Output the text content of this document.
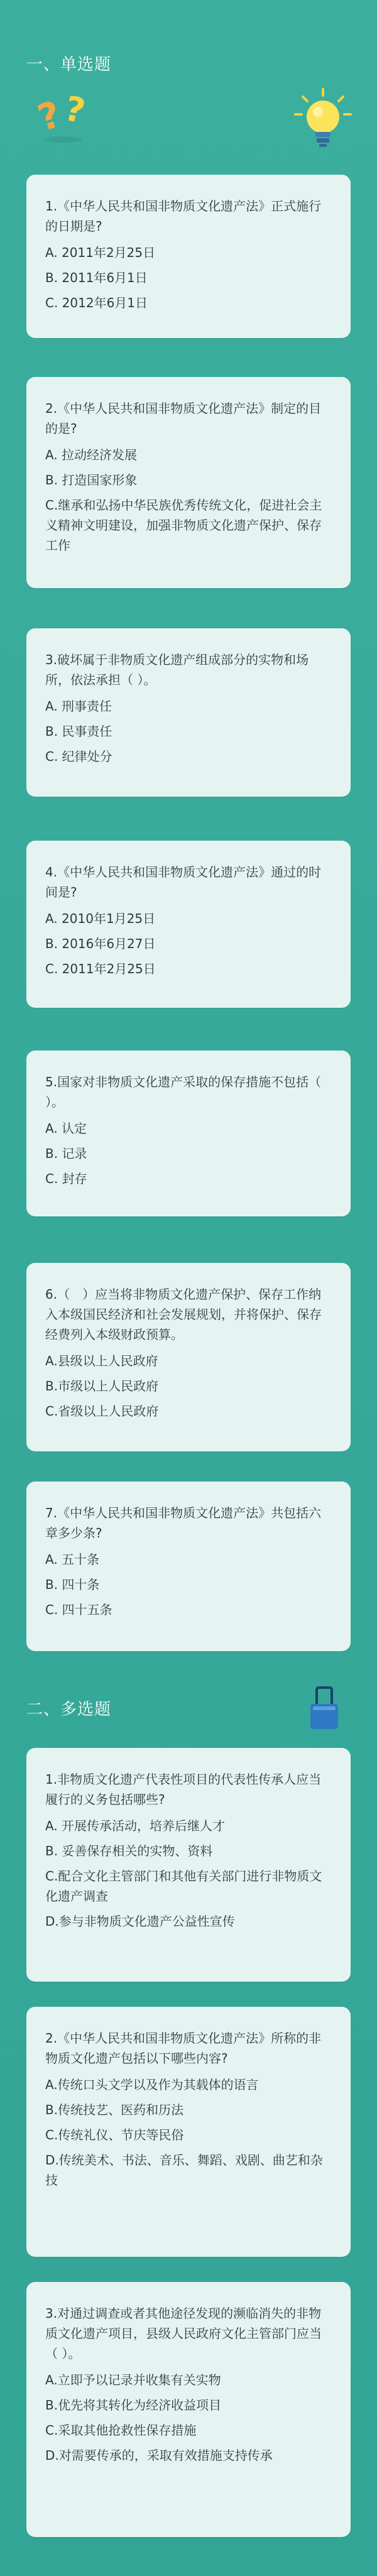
一、单选题
?
?

1.《中华人民共和国非物质文化遗产法》正式施行的日期是?

A. 2011年2月25日

B. 2011年6月1日

C. 2012年6月1日

2.《中华人民共和国非物质文化遗产法》制定的目的是?

A. 拉动经济发展

B. 打造国家形象

C.继承和弘扬中华民族优秀传统文化，促进社会主义精神文明建设，加强非物质文化遗产保护、保存工作

3.破坏属于非物质文化遗产组成部分的实物和场所，依法承担（ ）。

A. 刑事责任

B. 民事责任

C. 纪律处分

4.《中华人民共和国非物质文化遗产法》通过的时间是?

A. 2010年1月25日

B. 2016年6月27日

C. 2011年2月25日

5.国家对非物质文化遗产采取的保存措施不包括（ ）。

A. 认定

B. 记录

C. 封存

6.（　）应当将非物质文化遗产保护、保存工作纳入本级国民经济和社会发展规划，并将保护、保存经费列入本级财政预算。

A.县级以上人民政府

B.市级以上人民政府

C.省级以上人民政府

7.《中华人民共和国非物质文化遗产法》共包括六章多少条?

A. 五十条

B. 四十条

C. 四十五条

二、多选题

1.非物质文化遗产代表性项目的代表性传承人应当履行的义务包括哪些?

A. 开展传承活动，培养后继人才

B. 妥善保存相关的实物、资料

C.配合文化主管部门和其他有关部门进行非物质文化遗产调查

D.参与非物质文化遗产公益性宣传

2.《中华人民共和国非物质文化遗产法》所称的非物质文化遗产包括以下哪些内容?

A.传统口头文学以及作为其载体的语言

B.传统技艺、医药和历法

C.传统礼仪、节庆等民俗

D.传统美术、书法、音乐、舞蹈、戏剧、曲艺和杂技

3.对通过调查或者其他途径发现的濒临消失的非物质文化遗产项目，县级人民政府文化主管部门应当（ ）。

A.立即予以记录并收集有关实物

B.优先将其转化为经济收益项目

C.采取其他抢救性保存措施

D.对需要传承的，采取有效措施支持传承
